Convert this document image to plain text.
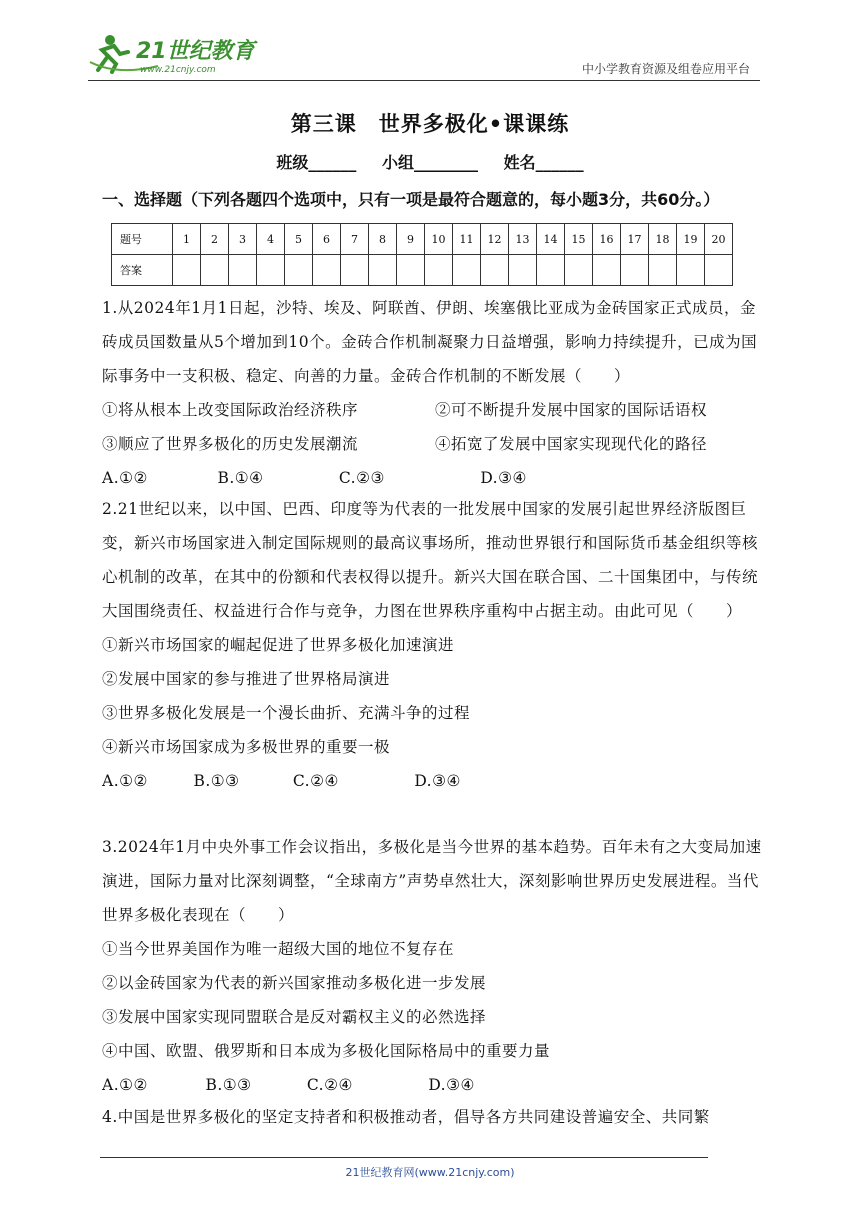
21世纪教育
www.21cnjy.com	中小学教育资源及组卷应用平台
第三课　世界多极化•课课练
班级______ 小组________ 姓名______
一、选择题（下列各题四个选项中，只有一项是最符合题意的，每小题3分，共60分。）
题号	1	2	3	4	5	6	7	8	9	10	11	12	13	14	15	16	17	18	19	20
答案																				

1.从2024年1月1日起，沙特、埃及、阿联酋、伊朗、埃塞俄比亚成为金砖国家正式成员，金砖成员国数量从5个增加到10个。金砖合作机制凝聚力日益增强，影响力持续提升，已成为国际事务中一支积极、稳定、向善的力量。金砖合作机制的不断发展（　　）

①将从根本上改变国际政治经济秩序	②可不断提升发展中国家的国际话语权
③顺应了世界多极化的历史发展潮流	④拓宽了发展中国家实现现代化的路径
A.①②	B.①④	C.②③	D.③④

2.21世纪以来，以中国、巴西、印度等为代表的一批发展中国家的发展引起世界经济版图巨变，新兴市场国家进入制定国际规则的最高议事场所，推动世界银行和国际货币基金组织等核心机制的改革，在其中的份额和代表权得以提升。新兴大国在联合国、二十国集团中，与传统大国围绕责任、权益进行合作与竞争，力图在世界秩序重构中占据主动。由此可见（　　）

①新兴市场国家的崛起促进了世界多极化加速演进

②发展中国家的参与推进了世界格局演进

③世界多极化发展是一个漫长曲折、充满斗争的过程

④新兴市场国家成为多极世界的重要一极

A.①②	B.①③	C.②④	D.③④

3.2024年1月中央外事工作会议指出，多极化是当今世界的基本趋势。百年未有之大变局加速演进，国际力量对比深刻调整，“全球南方”声势卓然壮大，深刻影响世界历史发展进程。当代世界多极化表现在（　　）

①当今世界美国作为唯一超级大国的地位不复存在

②以金砖国家为代表的新兴国家推动多极化进一步发展

③发展中国家实现同盟联合是反对霸权主义的必然选择

④中国、欧盟、俄罗斯和日本成为多极化国际格局中的重要力量

A.①②	B.①③	C.②④	D.③④

4.中国是世界多极化的坚定支持者和积极推动者，倡导各方共同建设普遍安全、共同繁

21世纪教育网(www.21cnjy.com)
